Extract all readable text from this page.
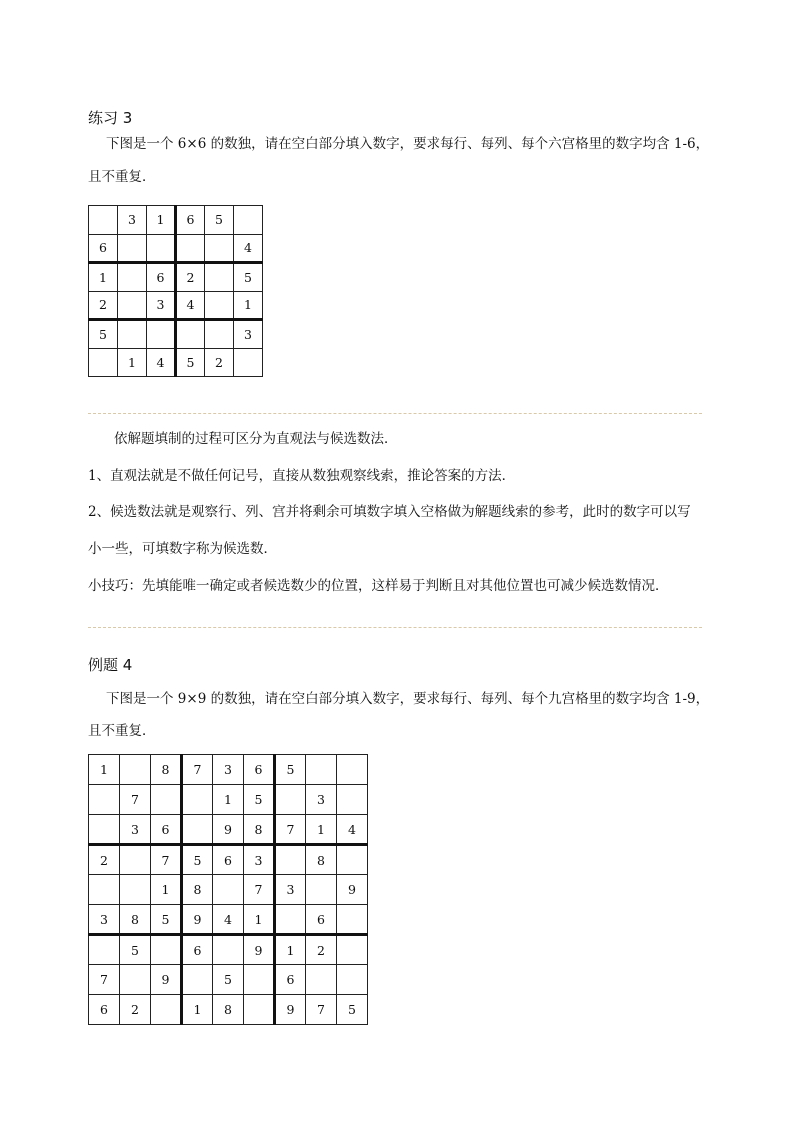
练习 3
下图是一个 6×6 的数独，请在空白部分填入数字，要求每行、每列、每个六宫格里的数字均含 1-6，
且不重复．
	3	1	6	5	
6					4
1		6	2		5
2		3	4		1
5					3
	1	4	5	2	
依解题填制的过程可区分为直观法与候选数法．
1、直观法就是不做任何记号，直接从数独观察线索，推论答案的方法．
2、候选数法就是观察行、列、宫并将剩余可填数字填入空格做为解题线索的参考，此时的数字可以写
小一些，可填数字称为候选数．
小技巧：先填能唯一确定或者候选数少的位置，这样易于判断且对其他位置也可减少候选数情况．
例题 4
下图是一个 9×9 的数独，请在空白部分填入数字，要求每行、每列、每个九宫格里的数字均含 1-9，
且不重复．
1		8	7	3	6	5		
	7			1	5		3	
	3	6		9	8	7	1	4
2		7	5	6	3		8	
		1	8		7	3		9
3	8	5	9	4	1		6	
	5		6		9	1	2	
7		9		5		6		
6	2		1	8		9	7	5
